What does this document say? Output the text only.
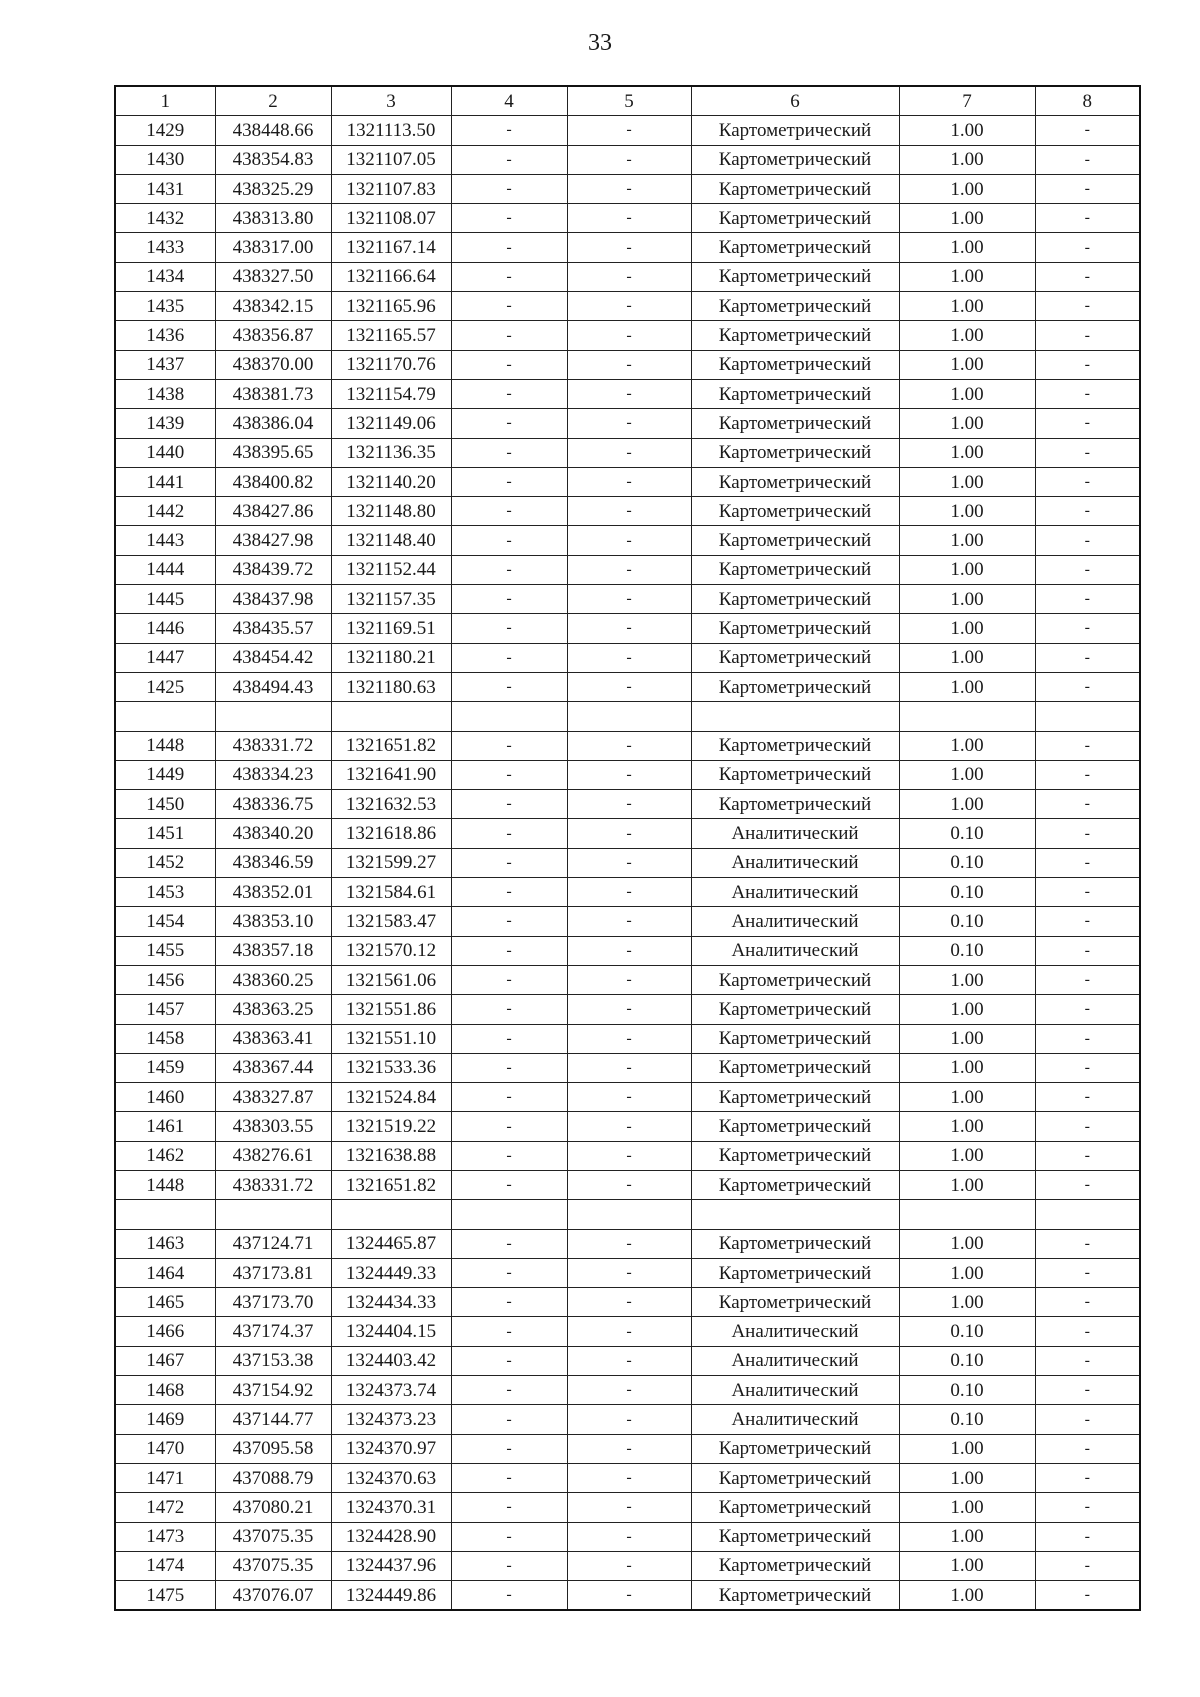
33
1	2	3	4	5	6	7	8
1429	438448.66	1321113.50	-	-	Картометрический	1.00	-
1430	438354.83	1321107.05	-	-	Картометрический	1.00	-
1431	438325.29	1321107.83	-	-	Картометрический	1.00	-
1432	438313.80	1321108.07	-	-	Картометрический	1.00	-
1433	438317.00	1321167.14	-	-	Картометрический	1.00	-
1434	438327.50	1321166.64	-	-	Картометрический	1.00	-
1435	438342.15	1321165.96	-	-	Картометрический	1.00	-
1436	438356.87	1321165.57	-	-	Картометрический	1.00	-
1437	438370.00	1321170.76	-	-	Картометрический	1.00	-
1438	438381.73	1321154.79	-	-	Картометрический	1.00	-
1439	438386.04	1321149.06	-	-	Картометрический	1.00	-
1440	438395.65	1321136.35	-	-	Картометрический	1.00	-
1441	438400.82	1321140.20	-	-	Картометрический	1.00	-
1442	438427.86	1321148.80	-	-	Картометрический	1.00	-
1443	438427.98	1321148.40	-	-	Картометрический	1.00	-
1444	438439.72	1321152.44	-	-	Картометрический	1.00	-
1445	438437.98	1321157.35	-	-	Картометрический	1.00	-
1446	438435.57	1321169.51	-	-	Картометрический	1.00	-
1447	438454.42	1321180.21	-	-	Картометрический	1.00	-
1425	438494.43	1321180.63	-	-	Картометрический	1.00	-

1448	438331.72	1321651.82	-	-	Картометрический	1.00	-
1449	438334.23	1321641.90	-	-	Картометрический	1.00	-
1450	438336.75	1321632.53	-	-	Картометрический	1.00	-
1451	438340.20	1321618.86	-	-	Аналитический	0.10	-
1452	438346.59	1321599.27	-	-	Аналитический	0.10	-
1453	438352.01	1321584.61	-	-	Аналитический	0.10	-
1454	438353.10	1321583.47	-	-	Аналитический	0.10	-
1455	438357.18	1321570.12	-	-	Аналитический	0.10	-
1456	438360.25	1321561.06	-	-	Картометрический	1.00	-
1457	438363.25	1321551.86	-	-	Картометрический	1.00	-
1458	438363.41	1321551.10	-	-	Картометрический	1.00	-
1459	438367.44	1321533.36	-	-	Картометрический	1.00	-
1460	438327.87	1321524.84	-	-	Картометрический	1.00	-
1461	438303.55	1321519.22	-	-	Картометрический	1.00	-
1462	438276.61	1321638.88	-	-	Картометрический	1.00	-
1448	438331.72	1321651.82	-	-	Картометрический	1.00	-

1463	437124.71	1324465.87	-	-	Картометрический	1.00	-
1464	437173.81	1324449.33	-	-	Картометрический	1.00	-
1465	437173.70	1324434.33	-	-	Картометрический	1.00	-
1466	437174.37	1324404.15	-	-	Аналитический	0.10	-
1467	437153.38	1324403.42	-	-	Аналитический	0.10	-
1468	437154.92	1324373.74	-	-	Аналитический	0.10	-
1469	437144.77	1324373.23	-	-	Аналитический	0.10	-
1470	437095.58	1324370.97	-	-	Картометрический	1.00	-
1471	437088.79	1324370.63	-	-	Картометрический	1.00	-
1472	437080.21	1324370.31	-	-	Картометрический	1.00	-
1473	437075.35	1324428.90	-	-	Картометрический	1.00	-
1474	437075.35	1324437.96	-	-	Картометрический	1.00	-
1475	437076.07	1324449.86	-	-	Картометрический	1.00	-
